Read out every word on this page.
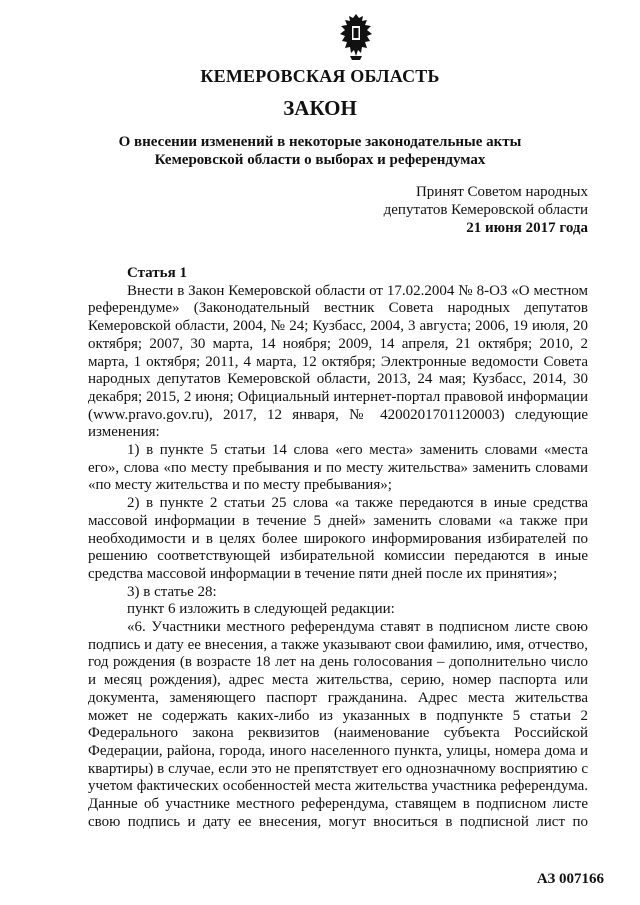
КЕМЕРОВСКАЯ ОБЛАСТЬ
ЗАКОН
О внесении изменений в некоторые законодательные акты
Кемеровской области о выборах и референдумах
Принят Советом народных
депутатов Кемеровской области
21 июня 2017 года

Статья 1

Внести в Закон Кемеровской области от 17.02.2004 № 8-ОЗ «О местном референдуме» (Законодательный вестник Совета народных депутатов Кемеровской области, 2004, № 24; Кузбасс, 2004, 3 августа; 2006, 19 июля, 20 октября; 2007, 30 марта, 14 ноября; 2009, 14 апреля, 21 октября; 2010, 2 марта, 1 октября; 2011, 4 марта, 12 октября; Электронные ведомости Совета народных депутатов Кемеровской области, 2013, 24 мая; Кузбасс, 2014, 30 декабря; 2015, 2 июня; Официальный интернет-портал правовой информации (www.pravo.gov.ru), 2017, 12 января, № 4200201701120003) следующие изменения:

1) в пункте 5 статьи 14 слова «его места» заменить словами «места его», слова «по месту пребывания и по месту жительства» заменить словами «по месту жительства и по месту пребывания»;

2) в пункте 2 статьи 25 слова «а также передаются в иные средства массовой информации в течение 5 дней» заменить словами «а также при необходимости и в целях более широкого информирования избирателей по решению соответствующей избирательной комиссии передаются в иные средства массовой информации в течение пяти дней после их принятия»;

3) в статье 28:

пункт 6 изложить в следующей редакции:

«6. Участники местного референдума ставят в подписном листе свою подпись и дату ее внесения, а также указывают свои фамилию, имя, отчество, год рождения (в возрасте 18 лет на день голосования – дополнительно число и месяц рождения), адрес места жительства, серию, номер паспорта или документа, заменяющего паспорт гражданина. Адрес места жительства может не содержать каких-либо из указанных в подпункте 5 статьи 2 Федерального закона реквизитов (наименование субъекта Российской Федерации, района, города, иного населенного пункта, улицы, номера дома и квартиры) в случае, если это не препятствует его однозначному восприятию с учетом фактических особенностей места жительства участника референдума. Данные об участнике местного референдума, ставящем в подписном листе свою подпись и дату ее внесения, могут вноситься в подписной лист по

АЗ 007166
